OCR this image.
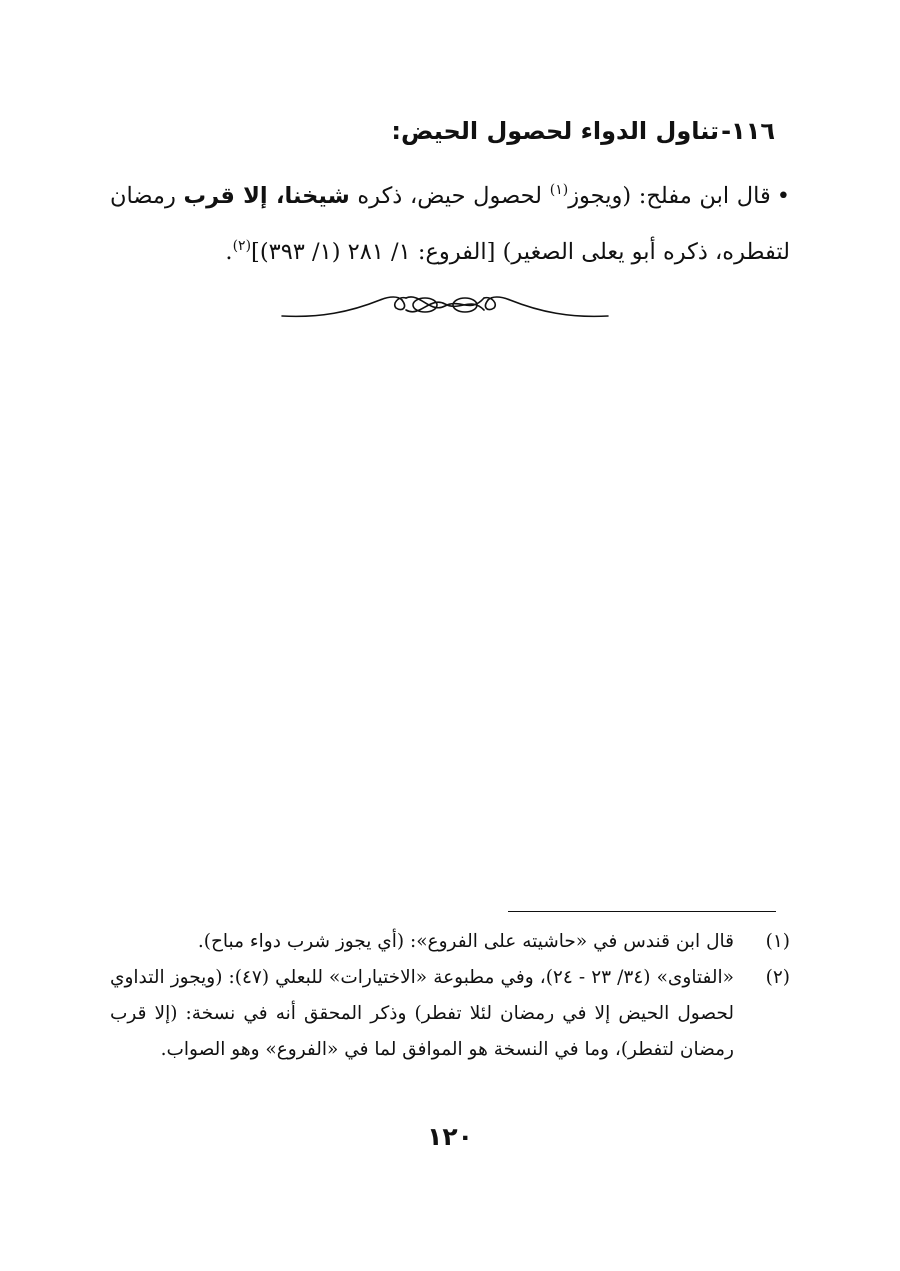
١١٦-تناول الدواء لحصول الحيض:
•قال ابن مفلح: (ويجوز$^{(١)}$ لحصول حيض، ذكره شيخنا، إلا قرب رمضان لتفطره، ذكره أبو يعلى الصغير) [الفروع: ١/ ٢٨١ (١/ ٣٩٣)]$^{(٢)}$.
(١)
قال ابن قندس في «حاشيته على الفروع»: (أي يجوز شرب دواء مباح).
(٢)
«الفتاوى» (٣٤/ ٢٣ - ٢٤)، وفي مطبوعة «الاختيارات» للبعلي (٤٧): (ويجوز التداوي لحصول الحيض إلا في رمضان لئلا تفطر) وذكر المحقق أنه في نسخة: (إلا قرب رمضان لتفطر)، وما في النسخة هو الموافق لما في «الفروع» وهو الصواب.
١٢٠
